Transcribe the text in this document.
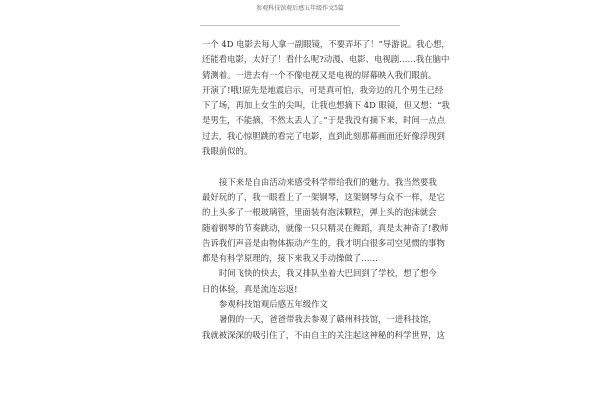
参观科技馆观后感五年级作文5篇
一个 4D 电影去每人拿一副眼镜，不要弄坏了！”导游说。我心想，
还能看电影，太好了！看什么呢?动漫、电影、电视剧……我在脑中
猜测着。一进去有一个不像电视又是电视的屏幕映入我们眼前。
开演了!哦!原先是地震启示，可是真可怕，我旁边的几个男生已经
下了场，再加上女生的尖叫，让我也想摘下 4D 眼镜，但又想：“我
是男生，不能摘，不然太丢人了。”于是我没有摘下来，时间一点点
过去，我心惊胆跳的看完了电影，直到此刻那幕画面还好像浮现到
我眼前似的。
接下来是自由活动来感受科学带给我们的魅力。我当然要我
最好玩的了，我一眼看上了一架钢琴，这架钢琴与众不一样，是它
的上头多了一根玻璃管，里面装有泡沫颗粒，弹上头的泡沫就会
随着钢琴的节奏跳动，就像一只只精灵在舞蹈，真是太神奇了!教师
告诉我们声音是由物体振动产生的，我才明白很多司空见惯的事物
都是有科学原理的，接下来我又手动操做了……
时间飞快的快去，我又排队坐着大巴回到了学校，想了想今
日的体验，真是流连忘返!
参观科技馆观后感五年级作文
暑假的一天，爸爸带我去参观了赣州科技馆，一进科技馆，
我就被深深的吸引住了，不由自主的关注起这神秘的科学世界，这
